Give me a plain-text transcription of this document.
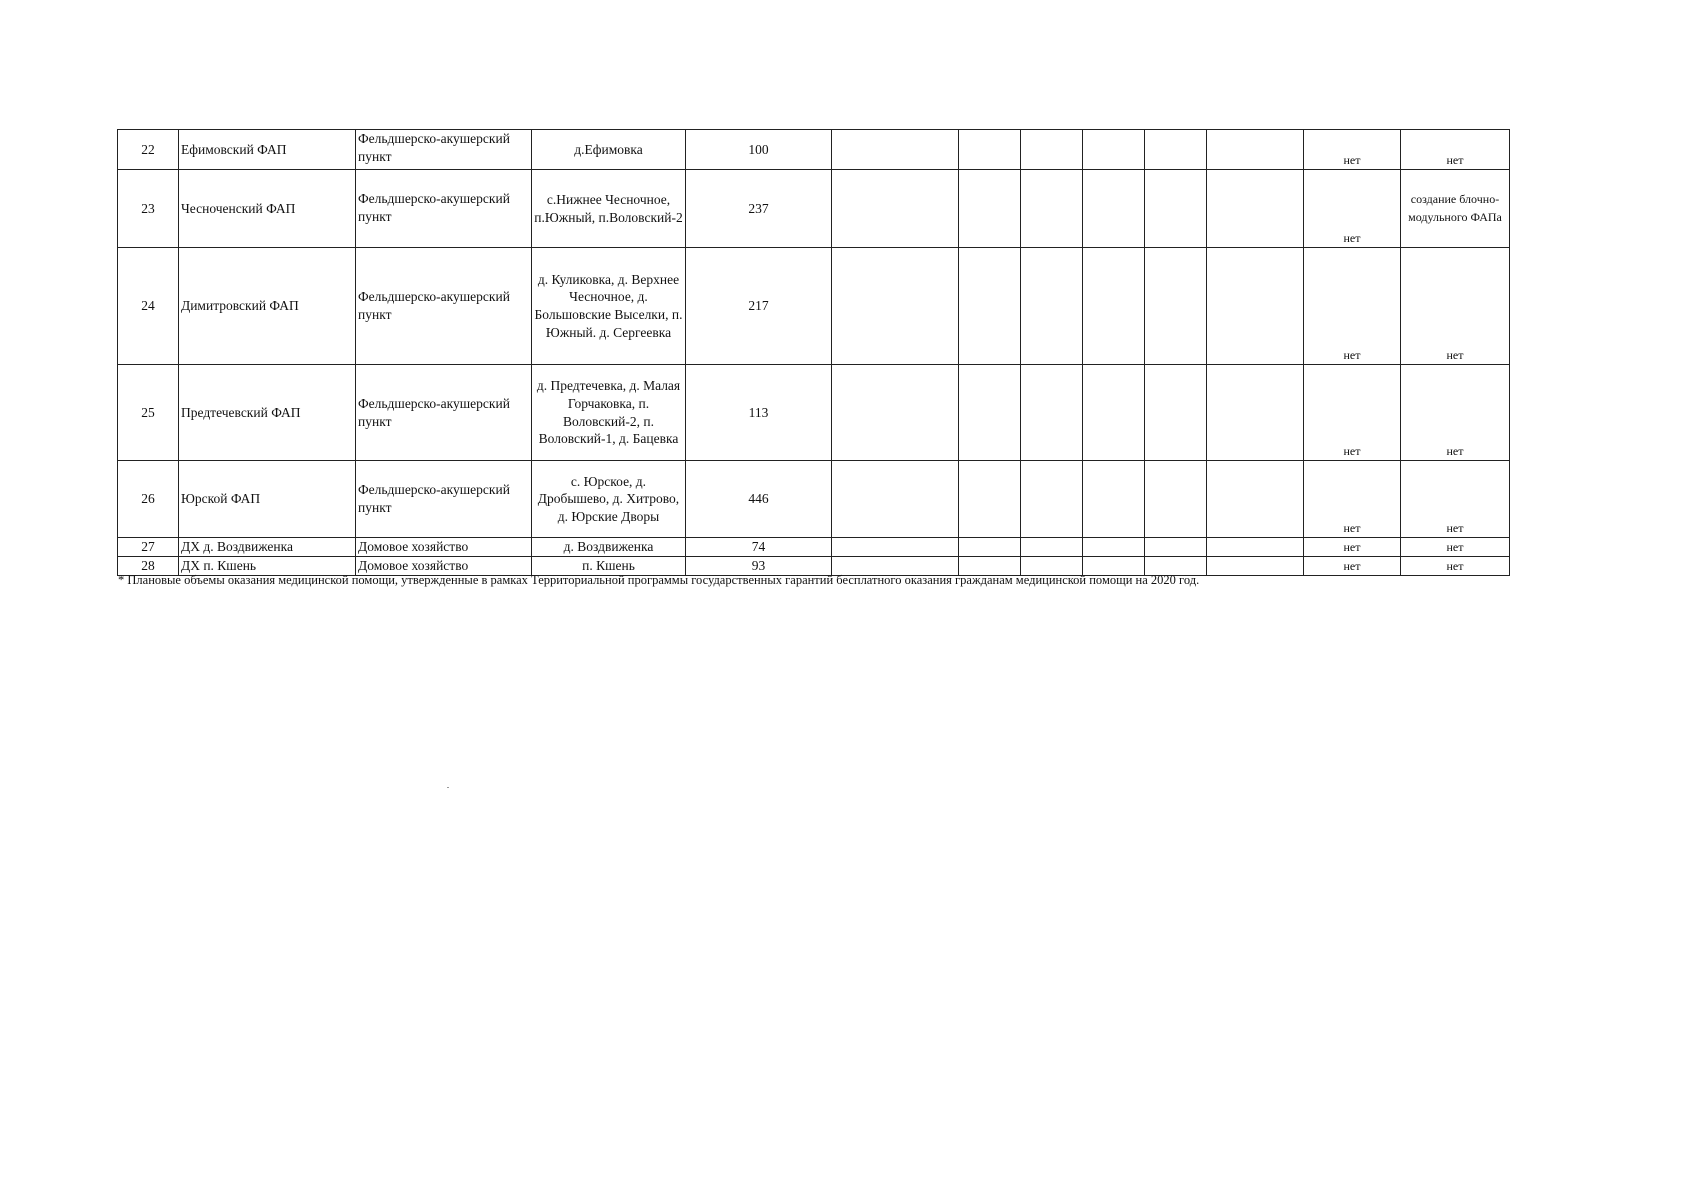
22	Ефимовский ФАП	Фельдшерско-акушерский пункт	д.Ефимовка	100							нет	нет
23	Чесноченский ФАП	Фельдшерско-акушерский пункт	с.Нижнее Чесночное, п.Южный, п.Воловский-2	237							нет	создание блочно-модульного ФАПа
24	Димитровский ФАП	Фельдшерско-акушерский пункт	д. Куликовка, д. Верхнее Чесночное, д. Большовские Выселки, п. Южный. д. Сергеевка	217							нет	нет
25	Предтечевский ФАП	Фельдшерско-акушерский пункт	д. Предтечевка, д. Малая Горчаковка, п. Воловский-2, п. Воловский-1, д. Бацевка	113							нет	нет
26	Юрской ФАП	Фельдшерско-акушерский пункт	с. Юрское, д. Дробышево, д. Хитрово, д. Юрские Дворы	446							нет	нет
27	ДХ д. Воздвиженка	Домовое хозяйство	д. Воздвиженка	74							нет	нет
28	ДХ п. Кшень	Домовое хозяйство	п. Кшень	93							нет	нет
* Плановые объемы оказания медицинской помощи, утвержденные в рамках Территориальной программы государственных гарантий бесплатного оказания гражданам медицинской помощи на 2020 год.
